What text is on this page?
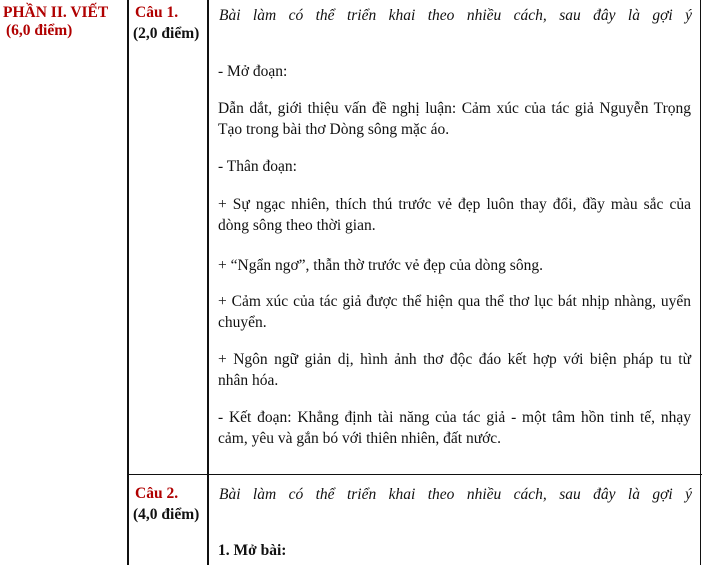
PHẦN II. VIẾT
(6,0 điểm)
Câu 1.
(2,0 điểm)
Bài làm có thể triển khai theo nhiều cách, sau đây là gợi ý
- Mở đoạn:
Dẫn dắt, giới thiệu vấn đề nghị luận: Cảm xúc của tác giả Nguyễn Trọng
Tạo trong bài thơ Dòng sông mặc áo.
- Thân đoạn:
+ Sự ngạc nhiên, thích thú trước vẻ đẹp luôn thay đổi, đầy màu sắc của
dòng sông theo thời gian.
+ “Ngẩn ngơ”, thẫn thờ trước vẻ đẹp của dòng sông.
+ Cảm xúc của tác giả được thể hiện qua thể thơ lục bát nhịp nhàng, uyển
chuyển.
+ Ngôn ngữ giản dị, hình ảnh thơ độc đáo kết hợp với biện pháp tu từ
nhân hóa.
- Kết đoạn: Khẳng định tài năng của tác giả - một tâm hồn tinh tế, nhạy
cảm, yêu và gắn bó với thiên nhiên, đất nước.
Câu 2.
(4,0 điểm)
Bài làm có thể triển khai theo nhiều cách, sau đây là gợi ý
1. Mở bài:
